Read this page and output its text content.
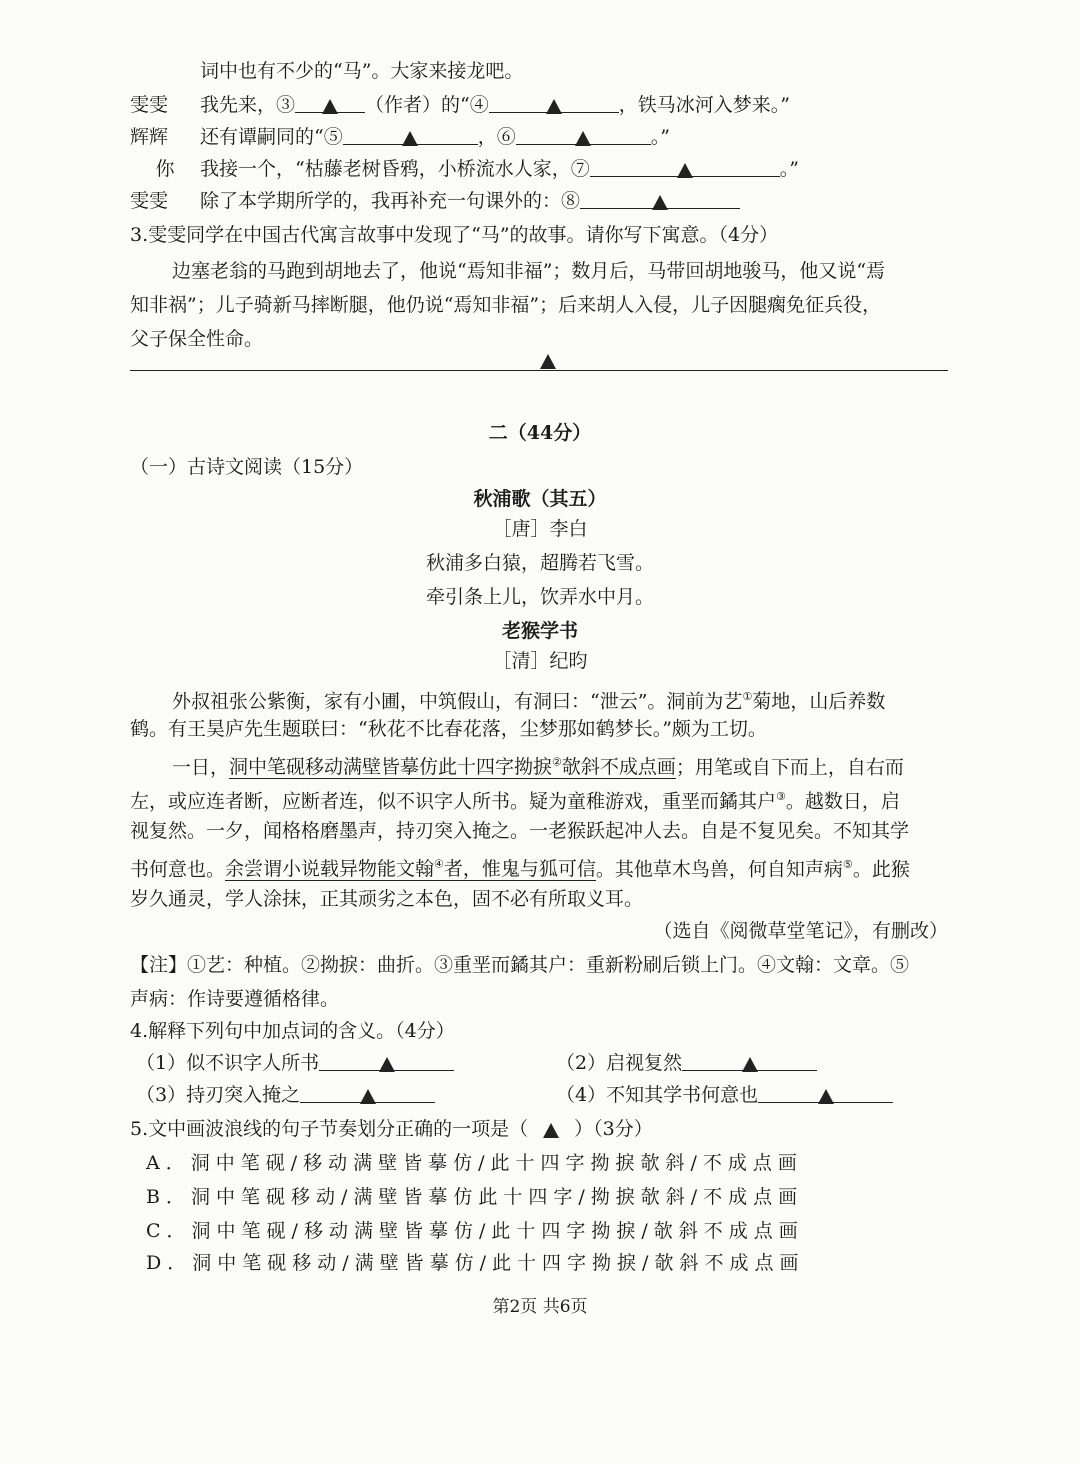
词中也有不少的“马”。大家来接龙吧。
雯雯 我先来，③	（作者）的“④	，铁马冰河入梦来。”
辉辉 还有谭嗣同的“⑤	，⑥	。”
你 我接一个，“枯藤老树昏鸦，小桥流水人家，⑦	。”
雯雯 除了本学期所学的，我再补充一句课外的：⑧
3.雯雯同学在中国古代寓言故事中发现了“马”的故事。请你写下寓意。（4分）
边塞老翁的马跑到胡地去了，他说“焉知非福”；数月后，马带回胡地骏马，他又说“焉
知非祸”；儿子骑新马摔断腿，他仍说“焉知非福”；后来胡人入侵，儿子因腿瘸免征兵役，
父子保全性命。
二（44分）
（一）古诗文阅读（15分）
秋浦歌（其五）
［唐］李白
秋浦多白猿，超腾若飞雪。
牵引条上儿，饮弄水中月。
老猴学书
［清］纪昀
外叔祖张公紫衡，家有小圃，中筑假山，有洞曰：“泄云”。洞前为艺①菊地，山后养数
鹤。有王昊庐先生题联曰：“秋花不比春花落，尘梦那如鹤梦长。”颇为工切。
一日，洞中笔砚移动满壁皆摹仿此十四字拗捩②欹斜不成点画；用笔或自下而上，自右而
左，或应连者断，应断者连，似不识字人所书。疑为童稚游戏，重垩而鐍其户③。越数日，启
视复然。一夕，闻格格磨墨声，持刃突入掩之。一老猴跃起冲人去。自是不复见矣。不知其学
书何意也。余尝谓小说载异物能文翰④者，惟鬼与狐可信。其他草木鸟兽，何自知声病⑤。此猴
岁久通灵，学人涂抹，正其顽劣之本色，固不必有所取义耳。
（选自《阅微草堂笔记》，有删改）
【注】①艺：种植。②拗捩：曲折。③重垩而鐍其户：重新粉刷后锁上门。④文翰：文章。⑤
声病：作诗要遵循格律。
4.解释下列句中加点词的含义。（4分）
（1）似不识字人所书	（2）启视复然
（3）持刃突入掩之	（4）不知其学书何意也
5.文中画波浪线的句子节奏划分正确的一项是（ ）（3分）
A．洞中笔砚/移动满壁皆摹仿/此十四字拗捩欹斜/不成点画
B．洞中笔砚移动/满壁皆摹仿此十四字/拗捩欹斜/不成点画
C．洞中笔砚/移动满壁皆摹仿/此十四字拗捩/欹斜不成点画
D．洞中笔砚移动/满壁皆摹仿/此十四字拗捩/欹斜不成点画
第2页 共6页
